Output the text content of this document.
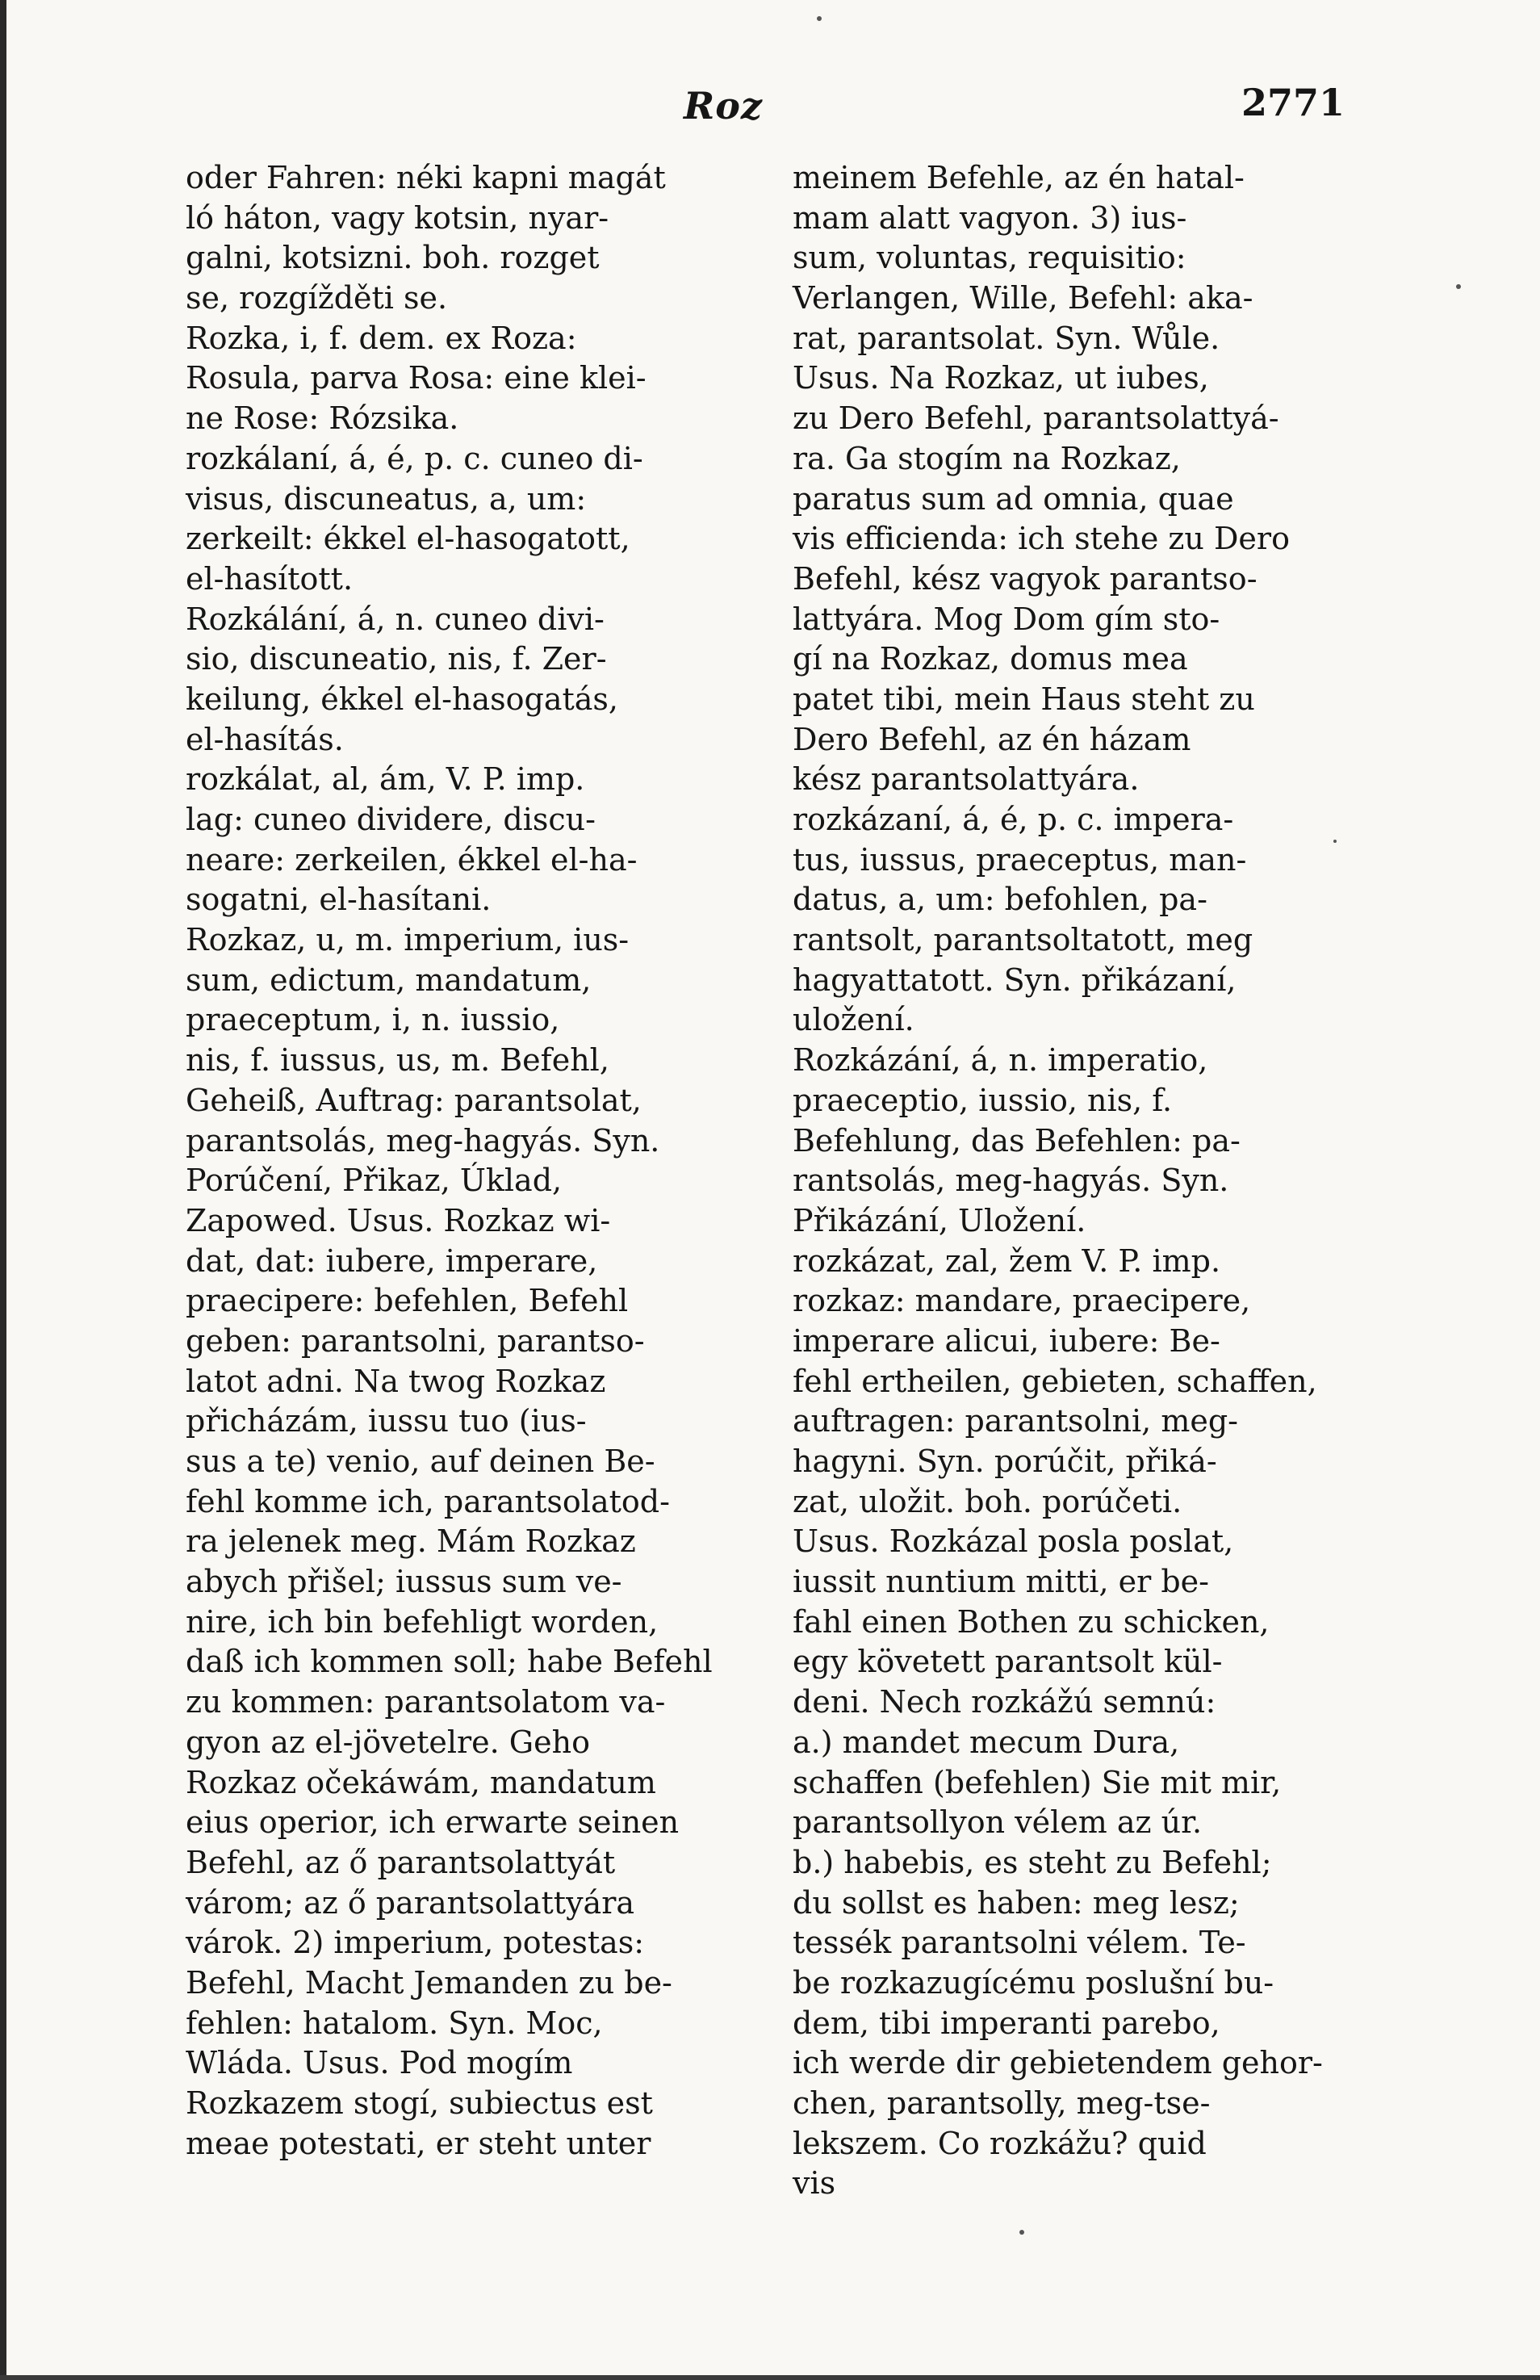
Roz	2771
oder Fahren: néki kapni magát
ló háton, vagy kotsin, nyar-
galni, kotsizni. boh. rozget
se, rozgížděti se.
Rozka, i, f. dem. ex Roza:
Rosula, parva Rosa: eine klei-
ne Rose: Rózsika.
rozkálaní, á, é, p. c. cuneo di-
visus, discuneatus, a, um:
zerkeilt: ékkel el-hasogatott,
el-hasított.
Rozkálání, á, n. cuneo divi-
sio, discuneatio, nis, f. Zer-
keilung, ékkel el-hasogatás,
el-hasítás.
rozkálat, al, ám, V. P. imp.
lag: cuneo dividere, discu-
neare: zerkeilen, ékkel el-ha-
sogatni, el-hasítani.
Rozkaz, u, m. imperium, ius-
sum, edictum, mandatum,
praeceptum, i, n. iussio,
nis, f. iussus, us, m. Befehl,
Geheiß, Auftrag: parantsolat,
parantsolás, meg-hagyás. Syn.
Porúčení, Přikaz, Úklad,
Zapowed. Usus. Rozkaz wi-
dat, dat: iubere, imperare,
praecipere: befehlen, Befehl
geben: parantsolni, parantso-
latot adni. Na twog Rozkaz
přicházám, iussu tuo (ius-
sus a te) venio, auf deinen Be-
fehl komme ich, parantsolatod-
ra jelenek meg. Mám Rozkaz
abych přišel; iussus sum ve-
nire, ich bin befehligt worden,
daß ich kommen soll; habe Befehl
zu kommen: parantsolatom va-
gyon az el-jövetelre. Geho
Rozkaz očekáwám, mandatum
eius operior, ich erwarte seinen
Befehl, az ő parantsolattyát
várom; az ő parantsolattyára
várok. 2) imperium, potestas:
Befehl, Macht Jemanden zu be-
fehlen: hatalom. Syn. Moc,
Wláda. Usus. Pod mogím
Rozkazem stogí, subiectus est
meae potestati, er steht unter
meinem Befehle, az én hatal-
mam alatt vagyon. 3) ius-
sum, voluntas, requisitio:
Verlangen, Wille, Befehl: aka-
rat, parantsolat. Syn. Wůle.
Usus. Na Rozkaz, ut iubes,
zu Dero Befehl, parantsolattyá-
ra. Ga stogím na Rozkaz,
paratus sum ad omnia, quae
vis efficienda: ich stehe zu Dero
Befehl, kész vagyok parantso-
lattyára. Mog Dom gím sto-
gí na Rozkaz, domus mea
patet tibi, mein Haus steht zu
Dero Befehl, az én házam
kész parantsolattyára.
rozkázaní, á, é, p. c. impera-
tus, iussus, praeceptus, man-
datus, a, um: befohlen, pa-
rantsolt, parantsoltatott, meg
hagyattatott. Syn. přikázaní,
uložení.
Rozkázání, á, n. imperatio,
praeceptio, iussio, nis, f.
Befehlung, das Befehlen: pa-
rantsolás, meg-hagyás. Syn.
Přikázání, Uložení.
rozkázat, zal, žem V. P. imp.
rozkaz: mandare, praecipere,
imperare alicui, iubere: Be-
fehl ertheilen, gebieten, schaffen,
auftragen: parantsolni, meg-
hagyni. Syn. porúčit, přiká-
zat, uložit. boh. porúčeti.
Usus. Rozkázal posla poslat,
iussit nuntium mitti, er be-
fahl einen Bothen zu schicken,
egy követett parantsolt kül-
deni. Nech rozkážú semnú:
a.) mandet mecum Dura,
schaffen (befehlen) Sie mit mir,
parantsollyon vélem az úr.
b.) habebis, es steht zu Befehl;
du sollst es haben: meg lesz;
tessék parantsolni vélem. Te-
be rozkazugícému poslušní bu-
dem, tibi imperanti parebo,
ich werde dir gebietendem gehor-
chen, parantsolly, meg-tse-
lekszem. Co rozkážu? quid
vis
